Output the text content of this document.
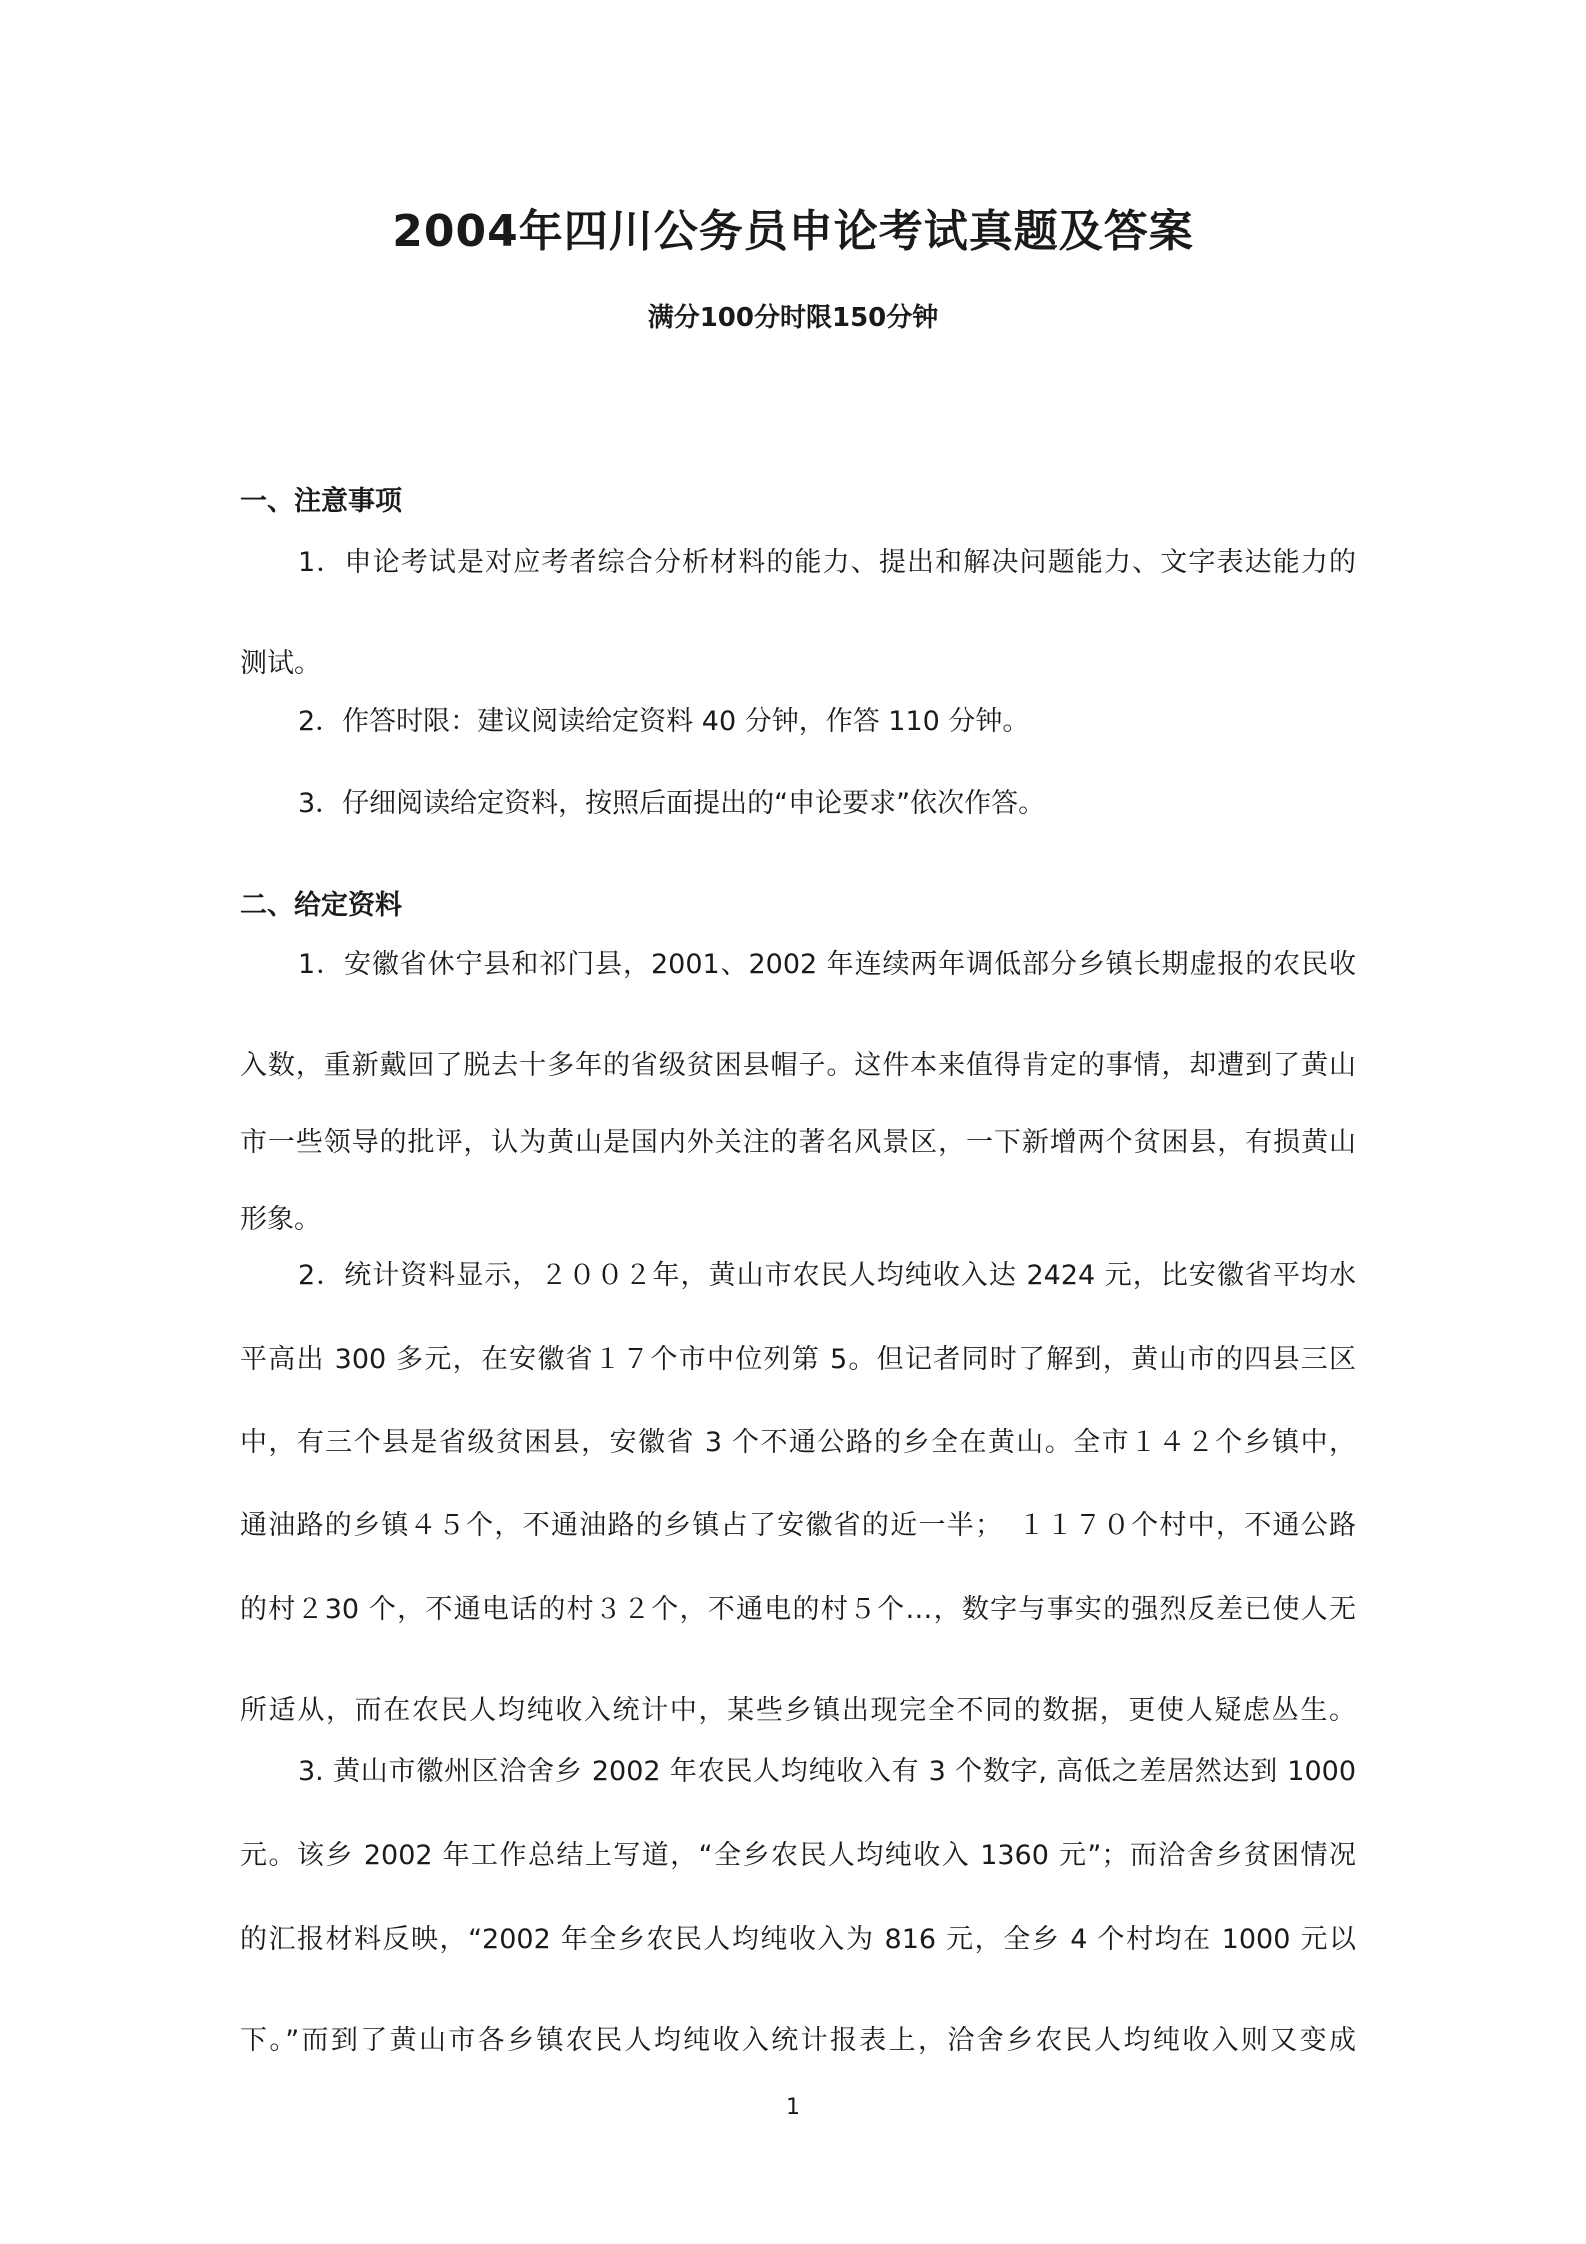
2004年四川公务员申论考试真题及答案
满分100分时限150分钟
一、注意事项
1．申论考试是对应考者综合分析材料的能力、提出和解决问题能力、文字表达能力的
测试。
2．作答时限：建议阅读给定资料 40 分钟，作答 110 分钟。
3．仔细阅读给定资料，按照后面提出的“申论要求”依次作答。
二、给定资料
1．安徽省休宁县和祁门县，2001、2002 年连续两年调低部分乡镇长期虚报的农民收
入数，重新戴回了脱去十多年的省级贫困县帽子。这件本来值得肯定的事情，却遭到了黄山
市一些领导的批评，认为黄山是国内外关注的著名风景区，一下新增两个贫困县，有损黄山
形象。
2．统计资料显示，２００２年，黄山市农民人均纯收入达 2424 元，比安徽省平均水
平高出 300 多元，在安徽省１７个市中位列第 5。但记者同时了解到，黄山市的四县三区
中，有三个县是省级贫困县，安徽省 3 个不通公路的乡全在黄山。全市１４２个乡镇中，
通油路的乡镇４５个，不通油路的乡镇占了安徽省的近一半；　１１７０个村中，不通公路
的村２30 个，不通电话的村３２个，不通电的村５个…，数字与事实的强烈反差已使人无
所适从，而在农民人均纯收入统计中，某些乡镇出现完全不同的数据，更使人疑虑丛生。
3. 黄山市徽州区洽舍乡 2002 年农民人均纯收入有 3 个数字, 高低之差居然达到 1000
元。该乡 2002 年工作总结上写道，“全乡农民人均纯收入 1360 元”；而洽舍乡贫困情况
的汇报材料反映，“2002 年全乡农民人均纯收入为 816 元，全乡 4 个村均在 1000 元以
下。”而到了黄山市各乡镇农民人均纯收入统计报表上，洽舍乡农民人均纯收入则又变成
1
